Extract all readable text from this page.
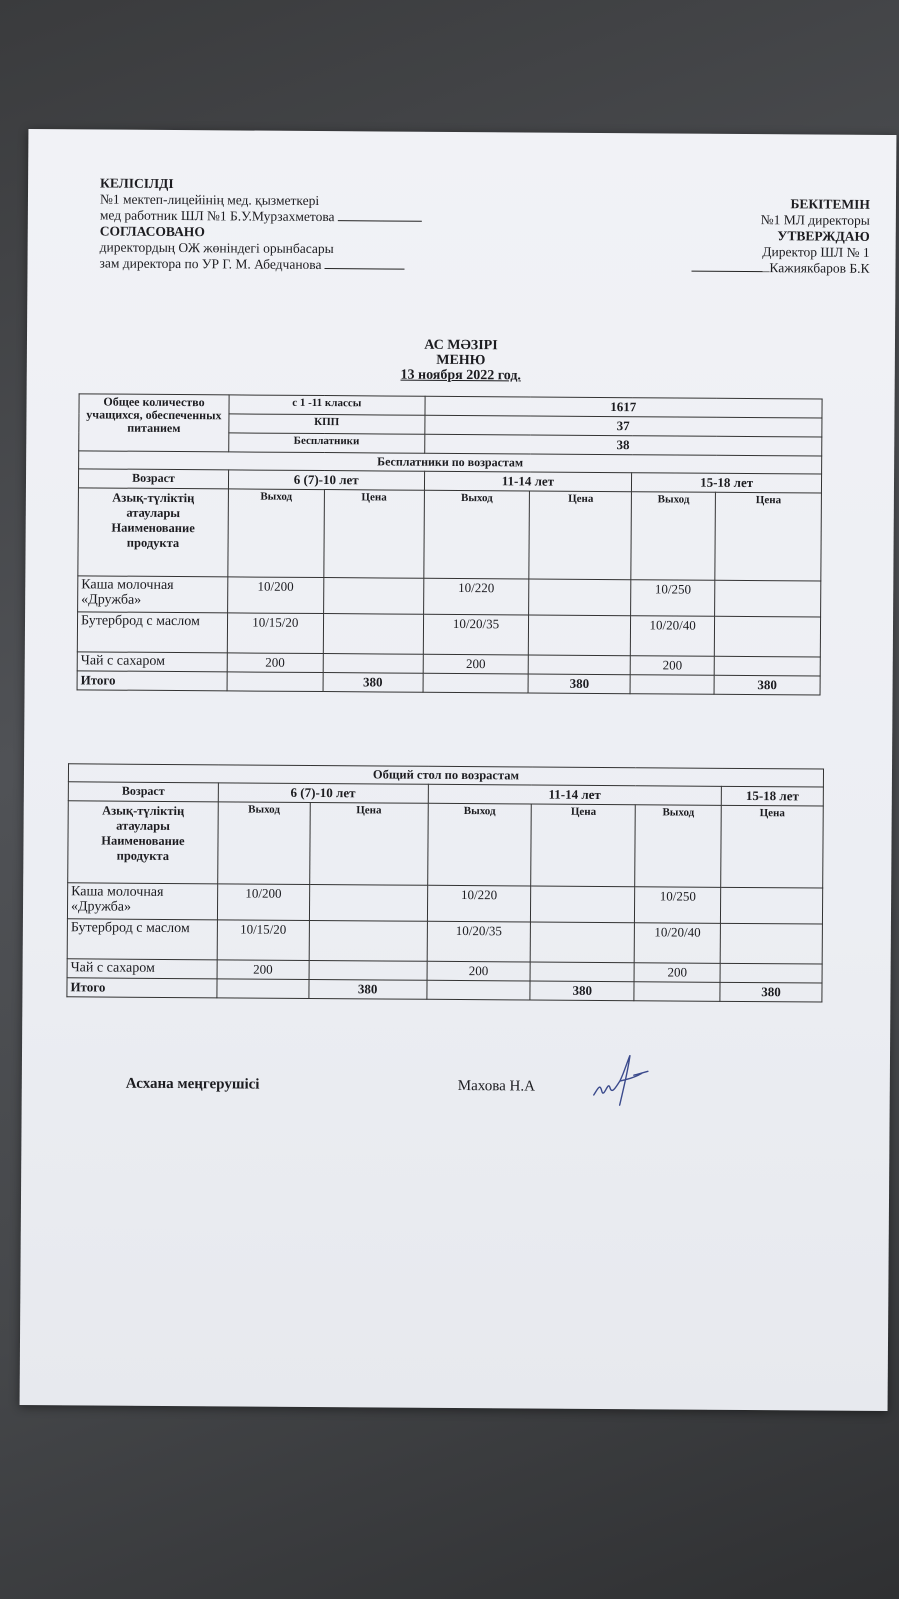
КЕЛІСІЛДІ
№1 мектеп-лицейінің мед. қызметкері
мед работник ШЛ №1 Б.У.Мурзахметова
СОГЛАСОВАНО
директордың ОЖ жөніндегі орынбасары
зам директора по УР Г. М. Абедчанова
БЕКІТЕМІН
№1 МЛ директоры
УТВЕРЖДАЮ
Директор ШЛ № 1
Кажиякбаров Б.К
АС МӘЗІРІ
МЕНЮ
13 ноября 2022 год.
Общее количество учащихся, обеспеченных питанием	с 1 -11 классы		1617			
	КПП		37			
	Бесплатники		38			
Бесплатники по возрастам						
Возраст	6 (7)-10 лет		11-14 лет		15-18 лет	
Азық-түліктің атаулары Наименование продукта	Выход	Цена	Выход	Цена	Выход	Цена
Каша молочная «Дружба»	10/200		10/220		10/250	
Бутерброд с маслом	10/15/20		10/20/35		10/20/40	
Чай с сахаром	200		200		200	
Итого		380		380		380
Общий стол по возрастам						
Возраст	6 (7)-10 лет		11-14 лет			15-18 лет
Азық-түліктің атаулары Наименование продукта	Выход	Цена	Выход	Цена	Выход	Цена
Каша молочная «Дружба»	10/200		10/220		10/250	
Бутерброд с маслом	10/15/20		10/20/35		10/20/40	
Чай с сахаром	200		200		200	
Итого		380		380		380
Асхана меңгерушісі	Махова Н.А
